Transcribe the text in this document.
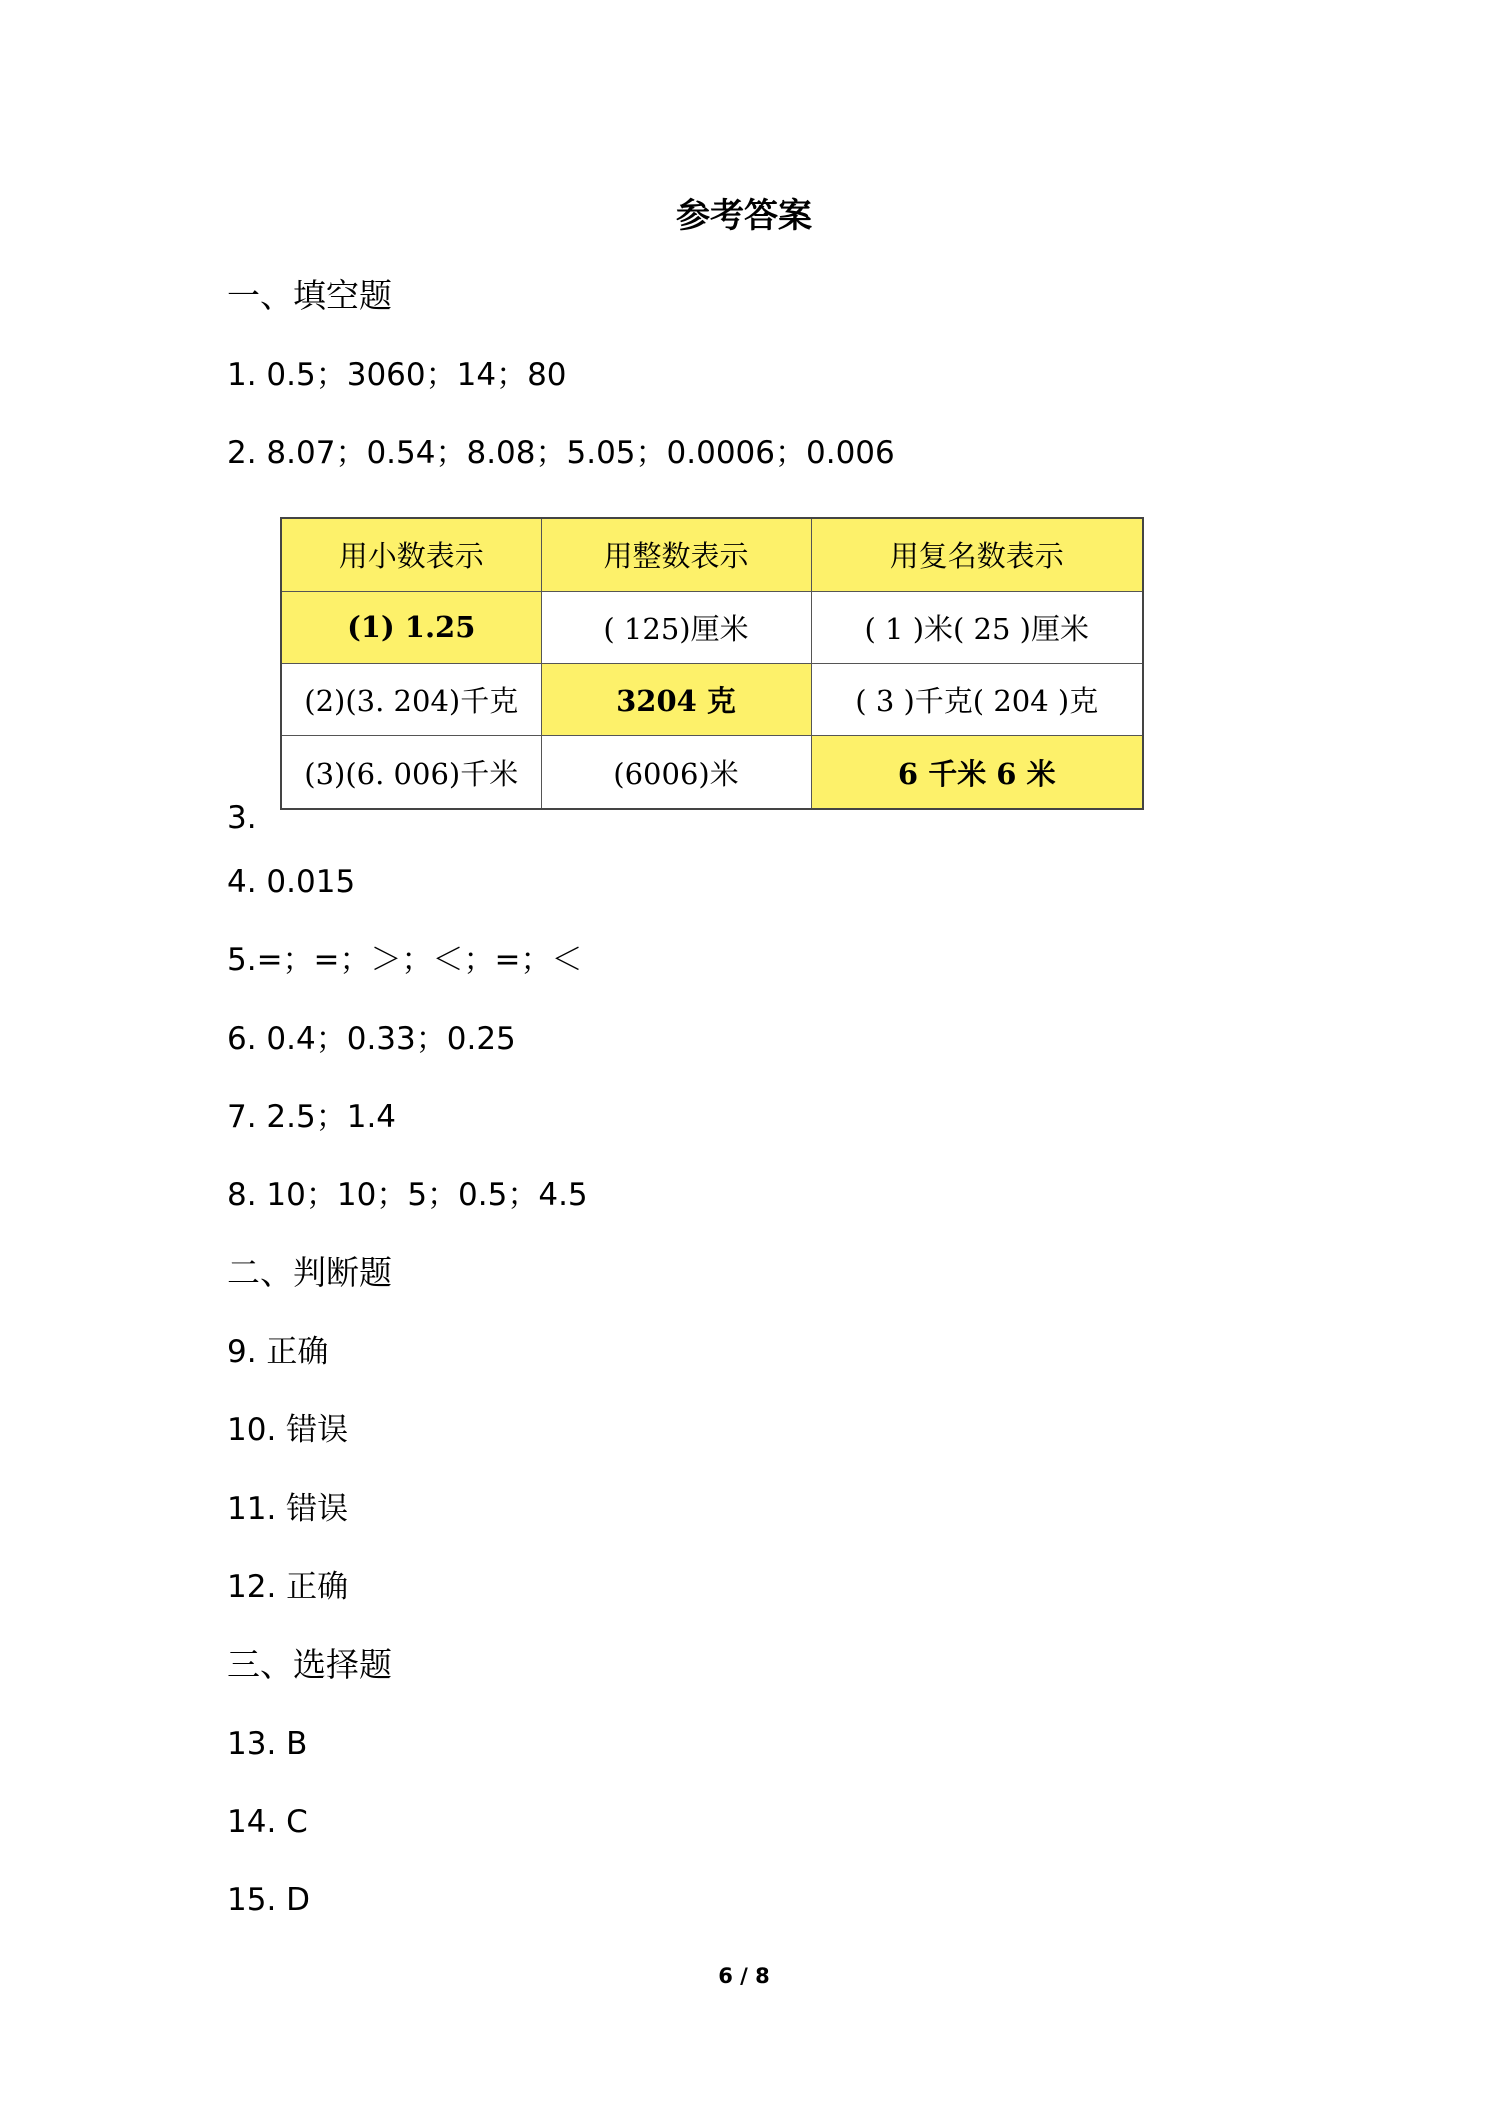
参考答案
一、填空题
1. 0.5；3060；14；80
2. 8.07；0.54；8.08；5.05；0.0006；0.006
用小数表示	用整数表示	用复名数表示
(1) 1.25	( 125)厘米	( 1 )米( 25 )厘米
(2)(3. 204)千克	3204 克	( 3 )千克( 204 )克
(3)(6. 006)千米	(6006)米	6 千米 6 米
3.
4. 0.015
5.=；=；＞；＜；=；＜
6. 0.4；0.33；0.25
7. 2.5；1.4
8. 10；10；5；0.5；4.5
二、判断题
9. 正确
10. 错误
11. 错误
12. 正确
三、选择题
13. B
14. C
15. D
6 / 8
